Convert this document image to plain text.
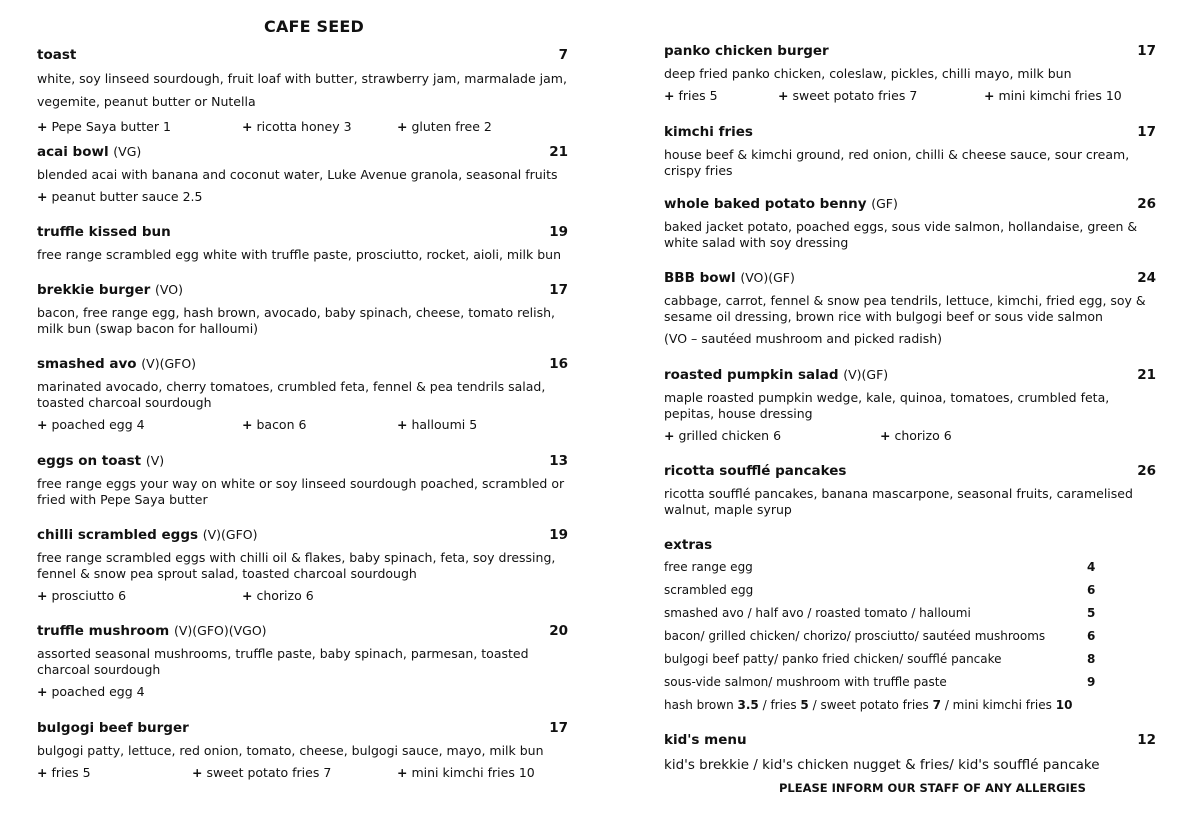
CAFE SEED
toast	7
white, soy linseed sourdough, fruit loaf with butter, strawberry jam, marmalade jam, vegemite, peanut butter or Nutella
+ Pepe Saya butter 1	+ ricotta honey 3	+ gluten free 2
acai bowl (VG)	21
blended acai with banana and coconut water, Luke Avenue granola, seasonal fruits
+ peanut butter sauce 2.5
truffle kissed bun	19
free range scrambled egg white with truffle paste, prosciutto, rocket, aioli, milk bun
brekkie burger (VO)	17
bacon, free range egg, hash brown, avocado, baby spinach, cheese, tomato relish, milk bun (swap bacon for halloumi)
smashed avo (V)(GFO)	16
marinated avocado, cherry tomatoes, crumbled feta, fennel & pea tendrils salad, toasted charcoal sourdough
+ poached egg 4	+ bacon 6	+ halloumi 5
eggs on toast (V)	13
free range eggs your way on white or soy linseed sourdough poached, scrambled or fried with Pepe Saya butter
chilli scrambled eggs (V)(GFO)	19
free range scrambled eggs with chilli oil & flakes, baby spinach, feta, soy dressing, fennel & snow pea sprout salad, toasted charcoal sourdough
+ prosciutto 6	+ chorizo 6
truffle mushroom (V)(GFO)(VGO)	20
assorted seasonal mushrooms, truffle paste, baby spinach, parmesan, toasted charcoal sourdough
+ poached egg 4
bulgogi beef burger	17
bulgogi patty, lettuce, red onion, tomato, cheese, bulgogi sauce, mayo, milk bun
+ fries 5	+ sweet potato fries 7	+ mini kimchi fries 10
panko chicken burger	17
deep fried panko chicken, coleslaw, pickles, chilli mayo, milk bun
+ fries 5	+ sweet potato fries 7	+ mini kimchi fries 10
kimchi fries	17
house beef & kimchi ground, red onion, chilli & cheese sauce, sour cream, crispy fries
whole baked potato benny (GF)	26
baked jacket potato, poached eggs, sous vide salmon, hollandaise, green & white salad with soy dressing
BBB bowl (VO)(GF)	24
cabbage, carrot, fennel & snow pea tendrils, lettuce, kimchi, fried egg, soy & sesame oil dressing, brown rice with bulgogi beef or sous vide salmon
(VO – sautéed mushroom and picked radish)
roasted pumpkin salad (V)(GF)	21
maple roasted pumpkin wedge, kale, quinoa, tomatoes, crumbled feta, pepitas, house dressing
+ grilled chicken 6	+ chorizo 6
ricotta soufflé pancakes	26
ricotta soufflé pancakes, banana mascarpone, seasonal fruits, caramelised walnut, maple syrup
extras
free range egg	4
scrambled egg	6
smashed avo / half avo / roasted tomato / halloumi	5
bacon/ grilled chicken/ chorizo/ prosciutto/ sautéed mushrooms	6
bulgogi beef patty/ panko fried chicken/ soufflé pancake	8
sous-vide salmon/ mushroom with truffle paste	9
hash brown 3.5 / fries 5 / sweet potato fries 7 / mini kimchi fries 10
kid's menu	12
kid's brekkie / kid's chicken nugget & fries/ kid's soufflé pancake
PLEASE INFORM OUR STAFF OF ANY ALLERGIES
